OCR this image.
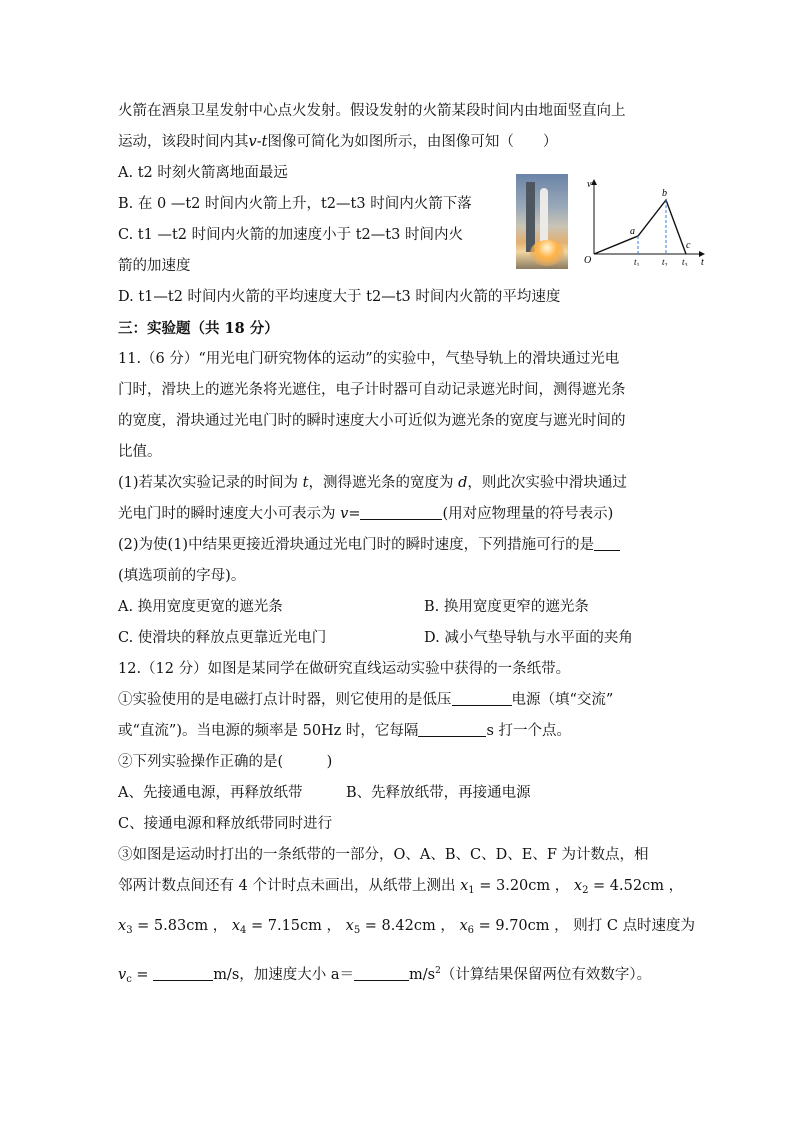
火箭在酒泉卫星发射中心点火发射。假设发射的火箭某段时间内由地面竖直向上
运动，该段时间内其v-t图像可简化为如图所示，由图像可知（　　）
A. t2 时刻火箭离地面最远
B. 在 0 —t2 时间内火箭上升，t2—t3 时间内火箭下落
C. t1 —t2 时间内火箭的加速度小于 t2—t3 时间内火
箭的加速度
D. t1—t2 时间内火箭的平均速度大于 t2—t3 时间内火箭的平均速度
v
t
O
a
b
c
$t_1$ $t_2$ $t_3$
三：实验题（共 18 分）
11.（6 分）“用光电门研究物体的运动”的实验中，气垫导轨上的滑块通过光电
门时，滑块上的遮光条将光遮住，电子计时器可自动记录遮光时间，测得遮光条
的宽度，滑块通过光电门时的瞬时速度大小可近似为遮光条的宽度与遮光时间的
比值。
(1)若某次实验记录的时间为 t，测得遮光条的宽度为 d，则此次实验中滑块通过
光电门时的瞬时速度大小可表示为 v=	(用对应物理量的符号表示)
(2)为使(1)中结果更接近滑块通过光电门时的瞬时速度，下列措施可行的是
(填选项前的字母)。
A. 换用宽度更宽的遮光条	B. 换用宽度更窄的遮光条
C. 使滑块的释放点更靠近光电门	D. 减小气垫导轨与水平面的夹角
12.（12 分）如图是某同学在做研究直线运动实验中获得的一条纸带。
①实验使用的是电磁打点计时器，则它使用的是低压	电源（填“交流”
或“直流”)。当电源的频率是 50Hz 时，它每隔	s 打一个点。
②下列实验操作正确的是(　　　)
A、先接通电源，再释放纸带　　　	B、先释放纸带，再接通电源
C、接通电源和释放纸带同时进行
③如图是运动时打出的一条纸带的一部分，O、A、B、C、D、E、F 为计数点，相
邻两计数点间还有 4 个计时点未画出，从纸带上测出 $x_1 = 3.20cm$ ， $x_2 = 4.52cm$ ，
$x_3 = 5.83cm$ ， $x_4 = 7.15cm$ ， $x_5 = 8.42cm$ ， $x_6 = 9.70cm$ ， 则打 C 点时速度为
$v_c$ =	m/s，加速度大小 a＝	$m/s^2$（计算结果保留两位有效数字）。
